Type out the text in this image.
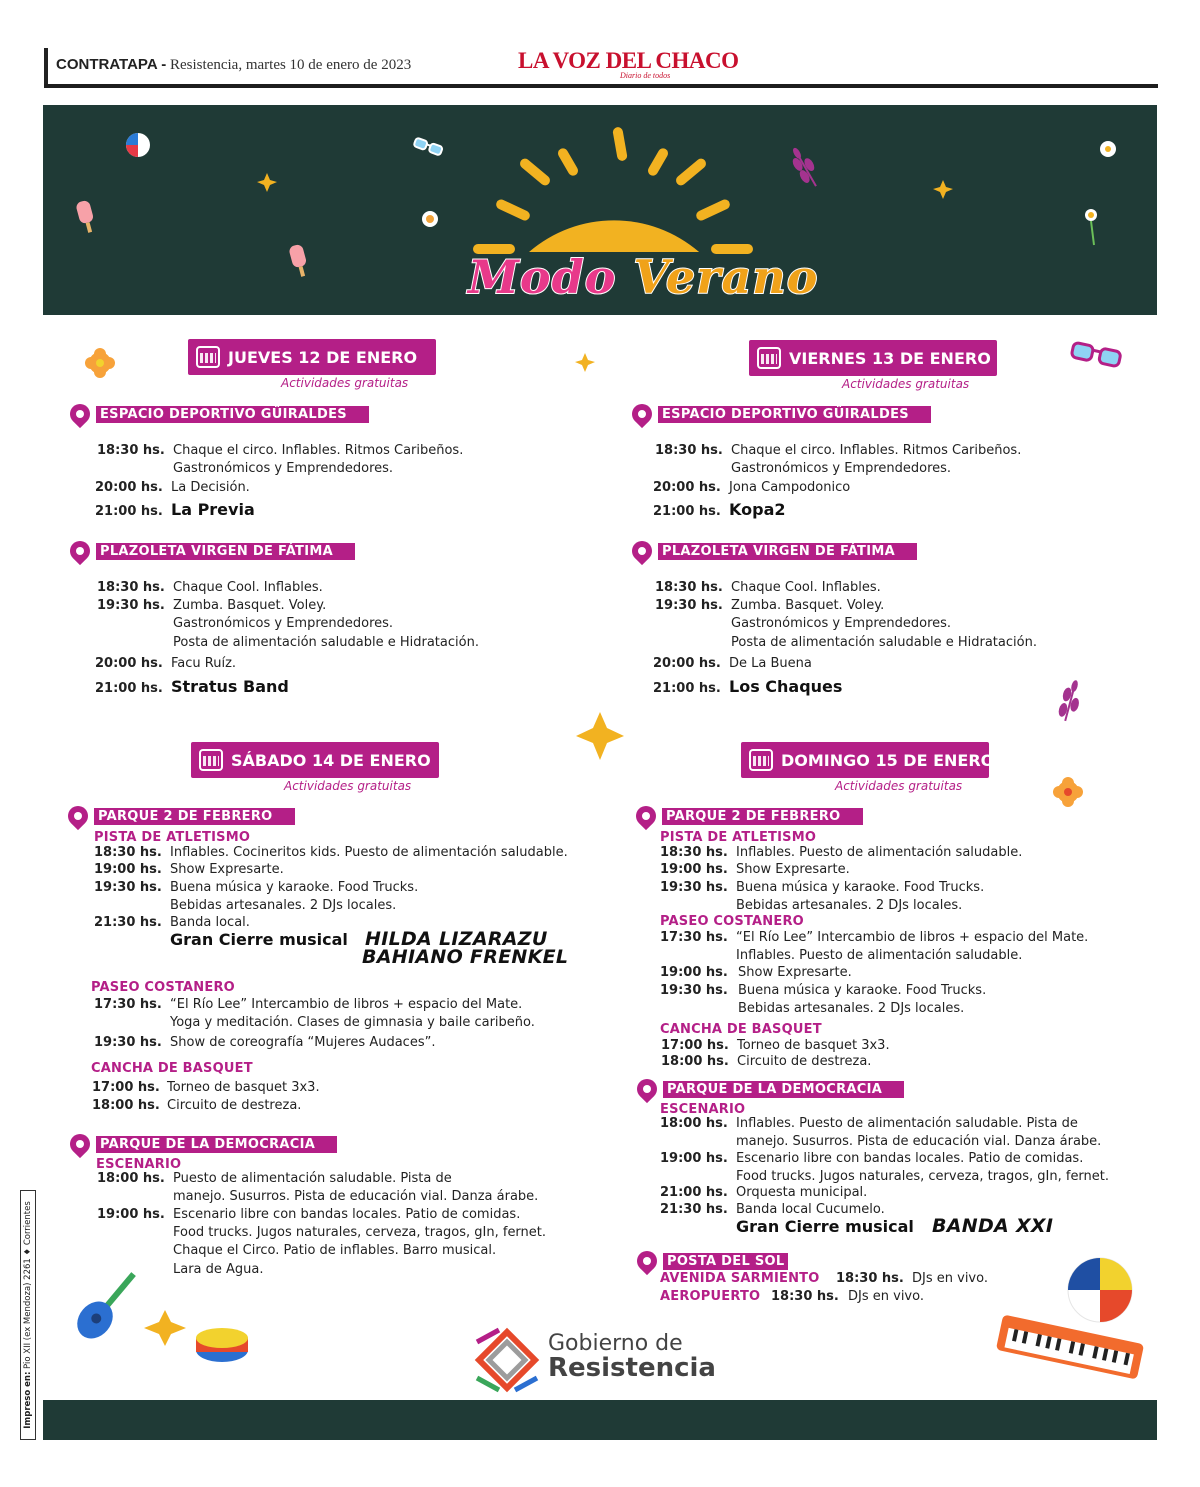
CONTRATAPA - Resistencia, martes 10 de enero de 2023	LA VOZ DEL CHACO
Diario de todos
Modo Verano
JUEVES 12 DE ENERO
Actividades gratuitas
ESPACIO DEPORTIVO GÜIRALDES
18:30 hs. Chaque el circo. Inflables. Ritmos Caribeños.
Gastronómicos y Emprendedores.
20:00 hs. La Decisión.
21:00 hs. La Previa
PLAZOLETA VIRGEN DE FÁTIMA
18:30 hs. Chaque Cool. Inflables.
19:30 hs. Zumba. Basquet. Voley.
Gastronómicos y Emprendedores.
Posta de alimentación saludable e Hidratación.
20:00 hs. Facu Ruíz.
21:00 hs. Stratus Band
VIERNES 13 DE ENERO
Actividades gratuitas
ESPACIO DEPORTIVO GÜIRALDES
18:30 hs. Chaque el circo. Inflables. Ritmos Caribeños.
Gastronómicos y Emprendedores.
20:00 hs. Jona Campodonico
21:00 hs. Kopa2
PLAZOLETA VIRGEN DE FÁTIMA
18:30 hs. Chaque Cool. Inflables.
19:30 hs. Zumba. Basquet. Voley.
Gastronómicos y Emprendedores.
Posta de alimentación saludable e Hidratación.
20:00 hs. De La Buena
21:00 hs. Los Chaques
SÁBADO 14 DE ENERO
Actividades gratuitas
PARQUE 2 DE FEBRERO
PISTA DE ATLETISMO
18:30 hs. Inflables. Cocineritos kids. Puesto de alimentación saludable.
19:00 hs. Show Expresarte.
19:30 hs. Buena música y karaoke. Food Trucks.
Bebidas artesanales. 2 DJs locales.
21:30 hs. Banda local.
Gran Cierre musical HILDA LIZARAZU
BAHIANO FRENKEL
PASEO COSTANERO
17:30 hs. “El Río Lee” Intercambio de libros + espacio del Mate.
Yoga y meditación. Clases de gimnasia y baile caribeño.
19:30 hs. Show de coreografía “Mujeres Audaces”.
CANCHA DE BASQUET
17:00 hs. Torneo de basquet 3x3.
18:00 hs. Circuito de destreza.
PARQUE DE LA DEMOCRACIA
ESCENARIO
18:00 hs. Puesto de alimentación saludable. Pista de
manejo. Susurros. Pista de educación vial. Danza árabe.
19:00 hs. Escenario libre con bandas locales. Patio de comidas.
Food trucks. Jugos naturales, cerveza, tragos, gIn, fernet.
Chaque el Circo. Patio de inflables. Barro musical.
Lara de Agua.
DOMINGO 15 DE ENERO
Actividades gratuitas
PARQUE 2 DE FEBRERO
PISTA DE ATLETISMO
18:30 hs. Inflables. Puesto de alimentación saludable.
19:00 hs. Show Expresarte.
19:30 hs. Buena música y karaoke. Food Trucks.
Bebidas artesanales. 2 DJs locales.
PASEO COSTANERO
17:30 hs. “El Río Lee” Intercambio de libros + espacio del Mate.
Inflables. Puesto de alimentación saludable.
19:00 hs. Show Expresarte.
19:30 hs. Buena música y karaoke. Food Trucks.
Bebidas artesanales. 2 DJs locales.
CANCHA DE BASQUET
17:00 hs. Torneo de basquet 3x3.
18:00 hs. Circuito de destreza.
PARQUE DE LA DEMOCRACIA
ESCENARIO
18:00 hs. Inflables. Puesto de alimentación saludable. Pista de
manejo. Susurros. Pista de educación vial. Danza árabe.
19:00 hs. Escenario libre con bandas locales. Patio de comidas.
Food trucks. Jugos naturales, cerveza, tragos, gIn, fernet.
21:00 hs. Orquesta municipal.
21:30 hs. Banda local Cucumelo.
Gran Cierre musical BANDA XXI
POSTA DEL SOL
AVENIDA SARMIENTO 18:30 hs. DJs en vivo.
AEROPUERTO 18:30 hs. DJs en vivo.
Gobierno de
Resistencia
Impreso en: Pio XII (ex Mendoza) 2261 ♦ Corrientes
